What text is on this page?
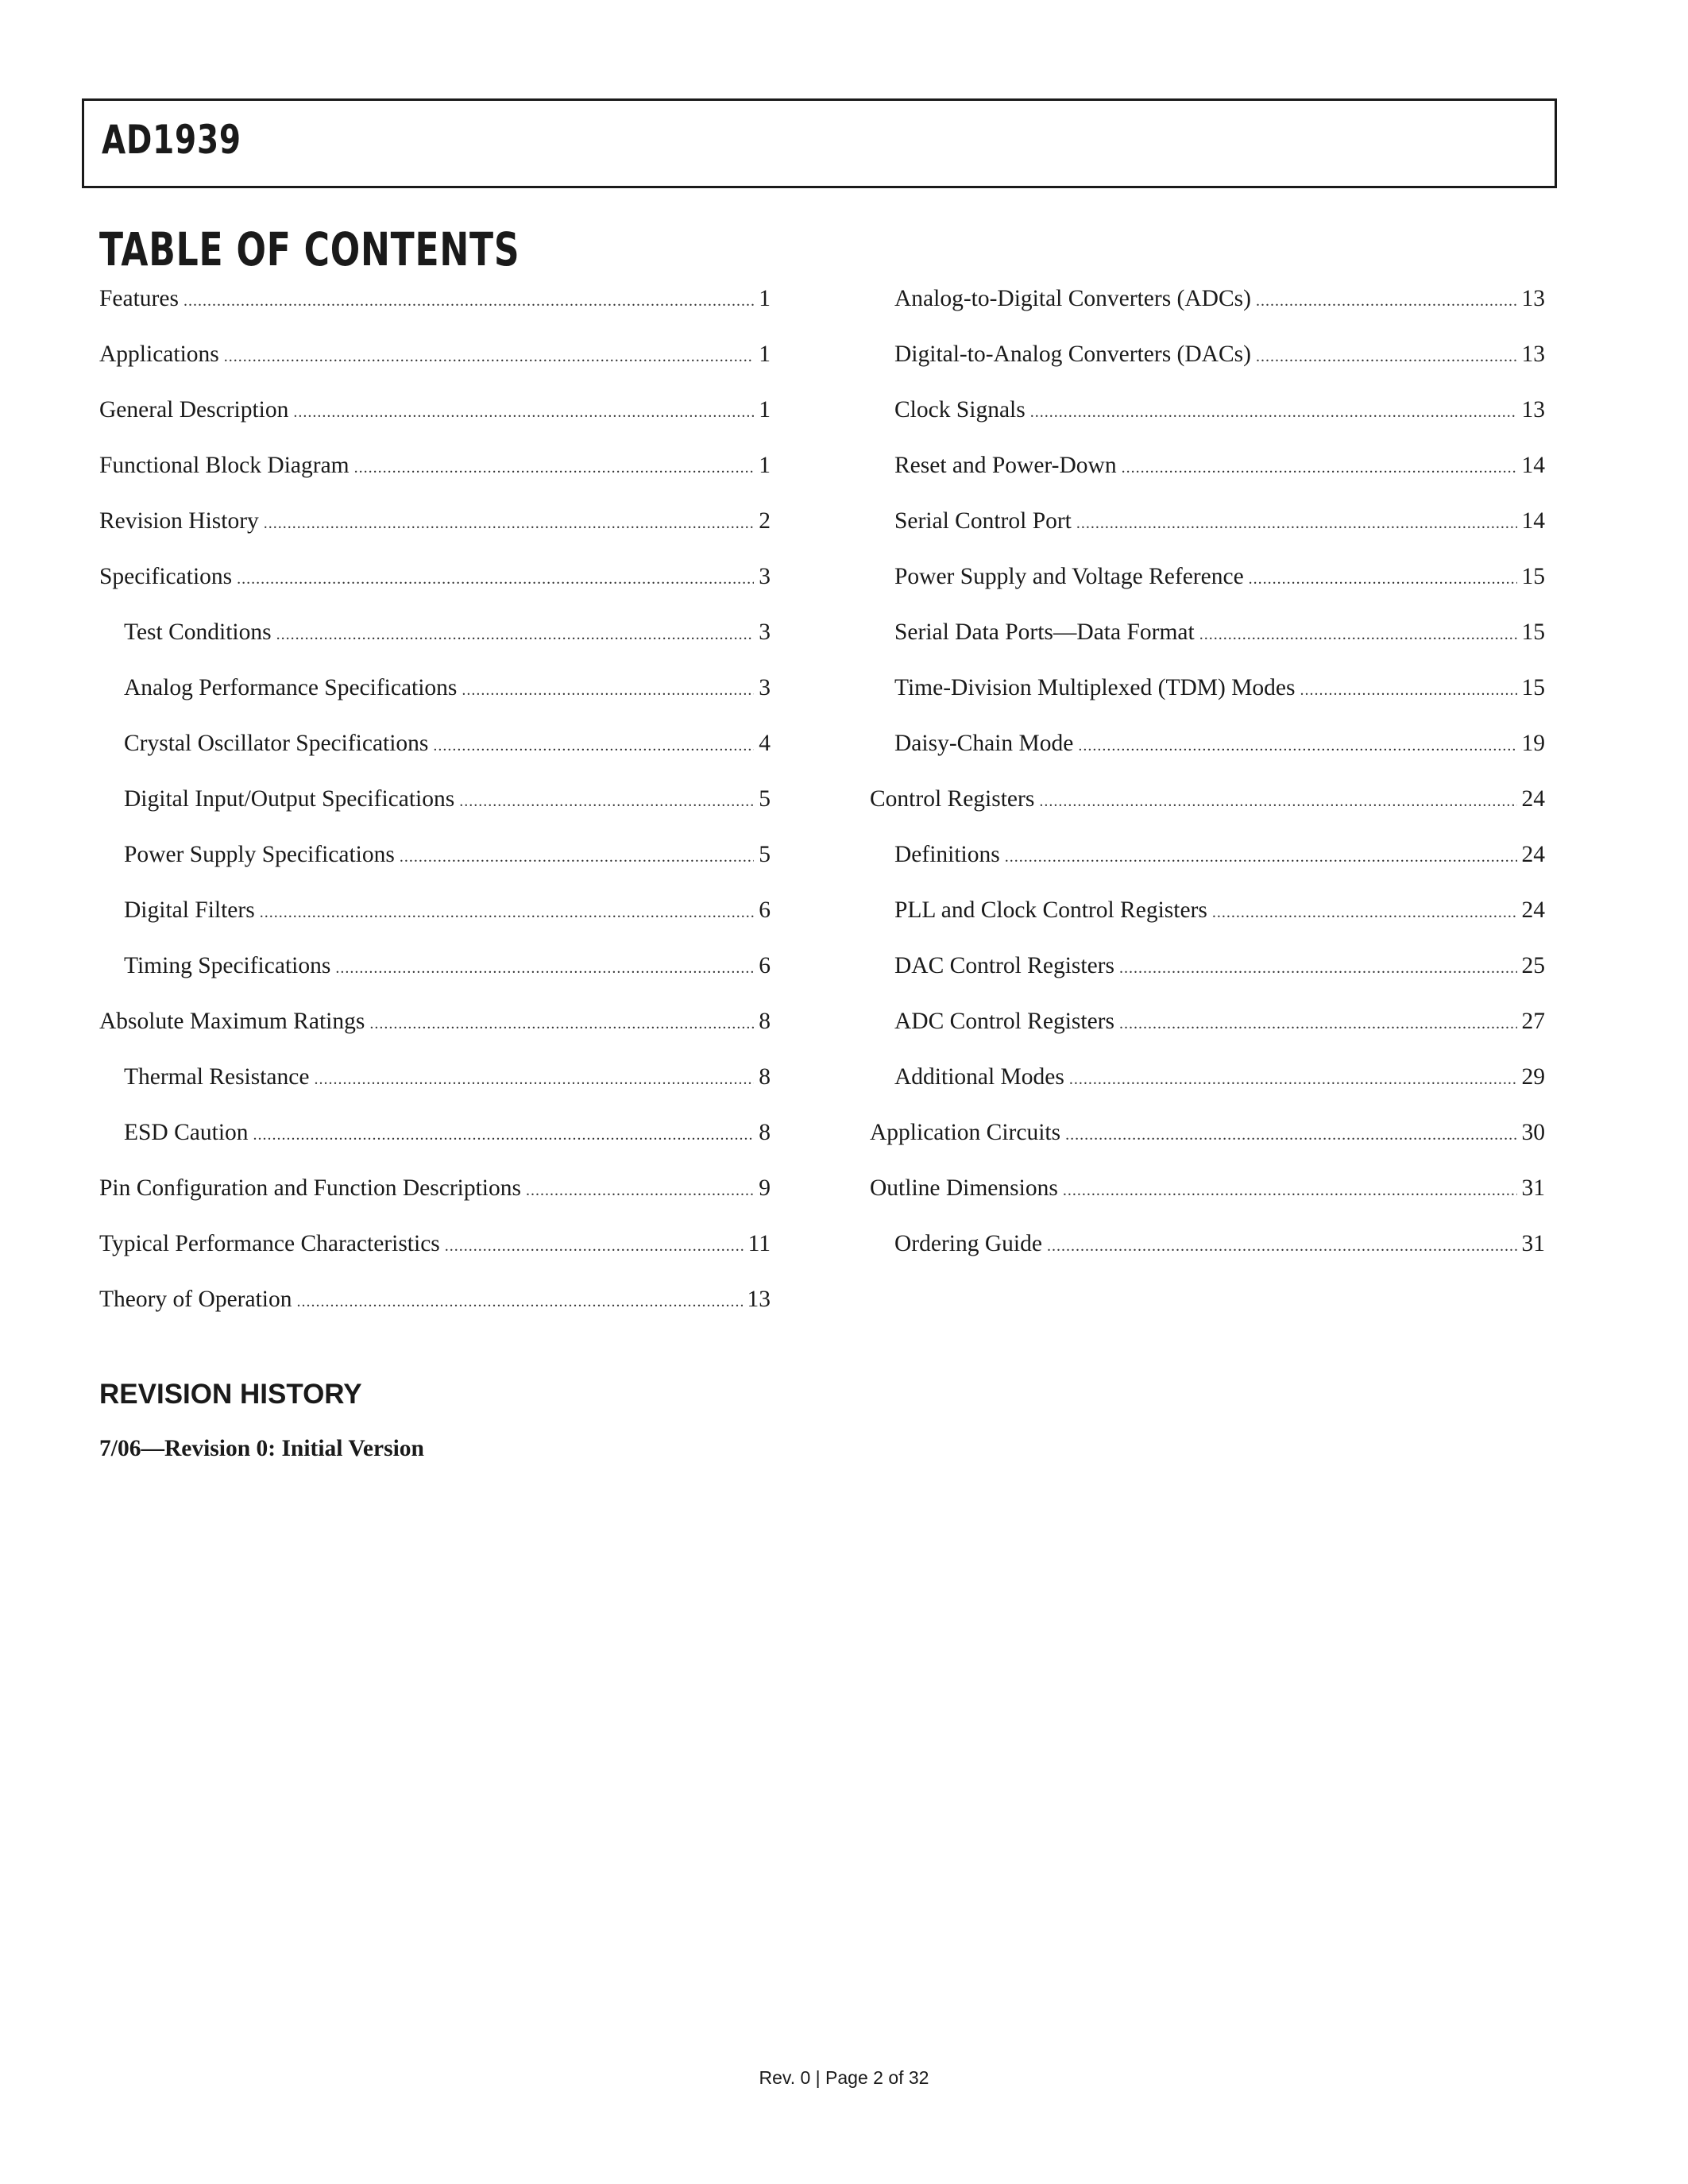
AD1939
TABLE OF CONTENTS
Features .....	1
Applications .....	1
General Description .....	1
Functional Block Diagram .....	1
Revision History .....	2
Specifications .....	3
Test Conditions .....	3
Analog Performance Specifications .....	3
Crystal Oscillator Specifications .....	4
Digital Input/Output Specifications .....	5
Power Supply Specifications .....	5
Digital Filters .....	6
Timing Specifications .....	6
Absolute Maximum Ratings .....	8
Thermal Resistance .....	8
ESD Caution .....	8
Pin Configuration and Function Descriptions .....	9
Typical Performance Characteristics .....	11
Theory of Operation .....	13
Analog-to-Digital Converters (ADCs) .....	13
Digital-to-Analog Converters (DACs) .....	13
Clock Signals .....	13
Reset and Power-Down .....	14
Serial Control Port .....	14
Power Supply and Voltage Reference .....	15
Serial Data Ports—Data Format .....	15
Time-Division Multiplexed (TDM) Modes .....	15
Daisy-Chain Mode .....	19
Control Registers .....	24
Definitions .....	24
PLL and Clock Control Registers .....	24
DAC Control Registers .....	25
ADC Control Registers .....	27
Additional Modes .....	29
Application Circuits .....	30
Outline Dimensions .....	31
Ordering Guide .....	31
REVISION HISTORY
7/06—Revision 0: Initial Version
Rev. 0 | Page 2 of 32
